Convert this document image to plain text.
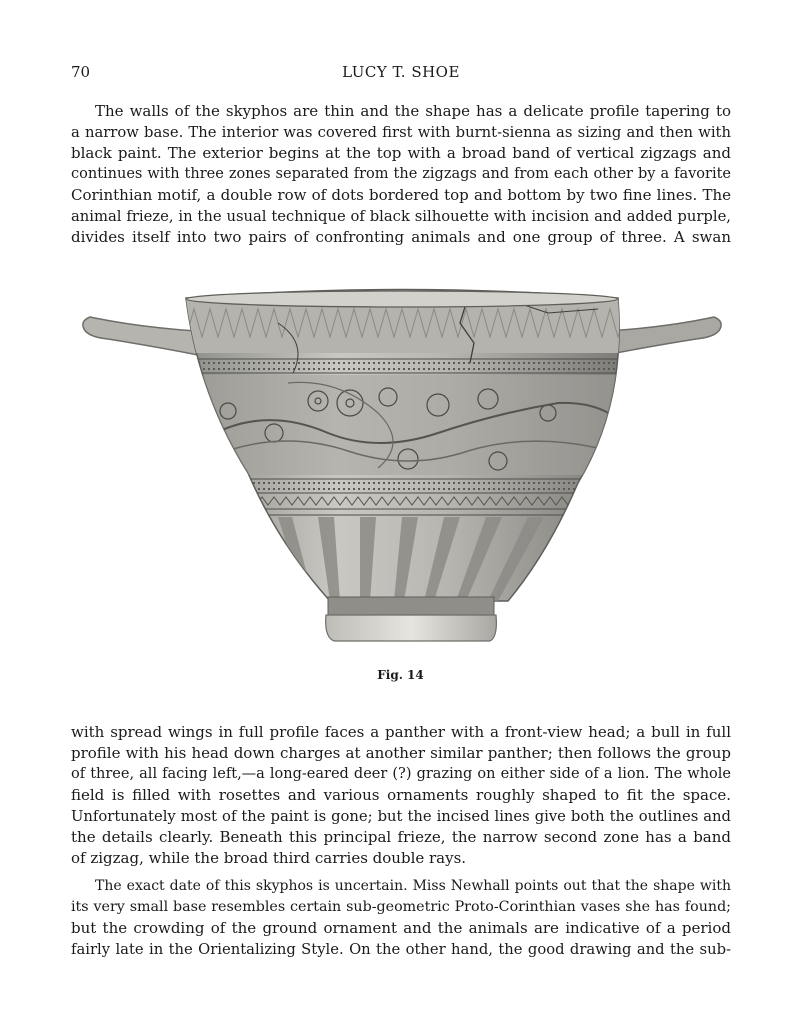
70	LUCY T. SHOE
The walls of the skyphos are thin and the shape has a delicate profile tapering to
a narrow base. The interior was covered first with burnt-sienna as sizing and then with
black paint. The exterior begins at the top with a broad band of vertical zigzags and
continues with three zones separated from the zigzags and from each other by a favorite
Corinthian motif, a double row of dots bordered top and bottom by two fine lines. The
animal frieze, in the usual technique of black silhouette with incision and added purple,
divides itself into two pairs of confronting animals and one group of three. A swan
Fig. 14
with spread wings in full profile faces a panther with a front-view head; a bull in full
profile with his head down charges at another similar panther; then follows the group
of three, all facing left,—a long-eared deer (?) grazing on either side of a lion. The whole
field is filled with rosettes and various ornaments roughly shaped to fit the space.
Unfortunately most of the paint is gone; but the incised lines give both the outlines and
the details clearly. Beneath this principal frieze, the narrow second zone has a band
of zigzag, while the broad third carries double rays.
The exact date of this skyphos is uncertain. Miss Newhall points out that the shape with
its very small base resembles certain sub-geometric Proto-Corinthian vases she has found;
but the crowding of the ground ornament and the animals are indicative of a period
fairly late in the Orientalizing Style. On the other hand, the good drawing and the sub-
